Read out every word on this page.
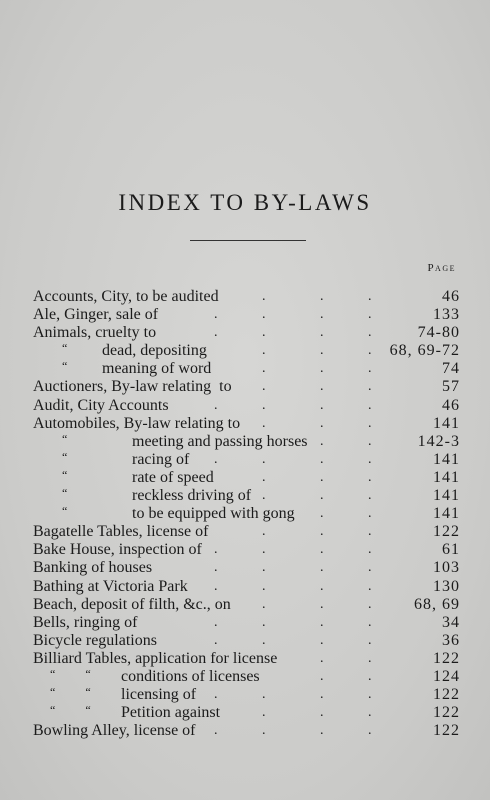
INDEX TO BY-LAWS
Page
Accounts, City, to be audited	.	.	.	46
Ale, Ginger, sale of	.	.	.	.	133
Animals, cruelty to	.	.	.	.	74-80
“ dead, depositing	.	.	. 68, 69-72
“ meaning of word	.	.	.	74
Auctioners, By-law relating  to .	.	.	57
Audit, City Accounts	.	.	.	.	46
Automobiles, By-law relating to .	.	.	141
“	meeting and passing horses .	.	142-3
“	racing of .	.	.	.	141
“	rate of speed	.	.	.	141
“	reckless driving of .	.	.	141
“	to be equipped with gong .	.	141
Bagatelle Tables, license of	.	.	.	122
Bake House, inspection of .	.	.	.	61
Banking of houses	.	.	.	.	103
Bathing at Victoria Park .	.	.	.	130
Beach, deposit of filth, &c., on .	.	.	68, 69
Bells, ringing of	.	.	.	.	34
Bicycle regulations	.	.	.	.	36
Billiard Tables, application for license	.	.	122
“          “ conditions of licenses	.	.	124
“          “ licensing of .	.	.	.	122
“          “ Petition against	.	.	.	122
Bowling Alley, license of .	.	.	.	122
